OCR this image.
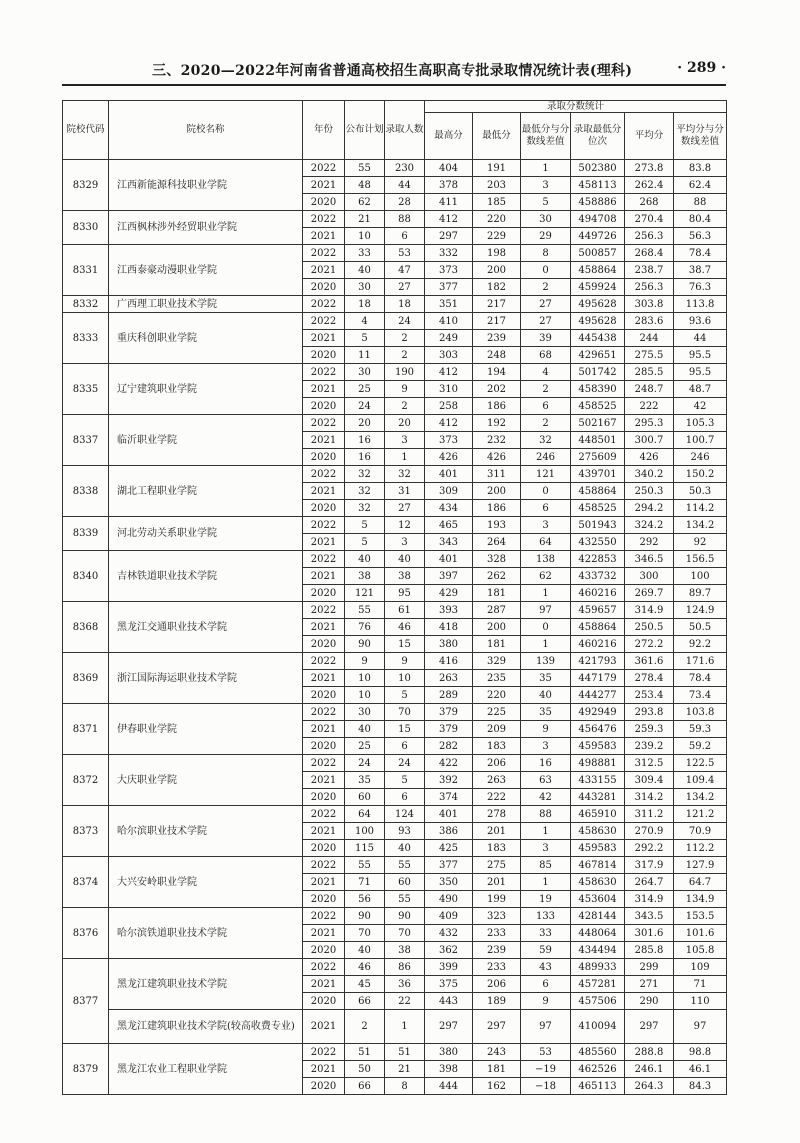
三、2020—2022年河南省普通高校招生高职高专批录取情况统计表(理科)	· 289 ·
院校代码	院校名称	年份	公布计划	录取人数	录取分数统计					
					最高分	最低分	最低分与分数线差值	录取最低分位次	平均分	平均分与分数线差值
8329	江西新能源科技职业学院	2022	55	230	404	191	1	502380	273.8	83.8
		2021	48	44	378	203	3	458113	262.4	62.4
		2020	62	28	411	185	5	458886	268	88
8330	江西枫林涉外经贸职业学院	2022	21	88	412	220	30	494708	270.4	80.4
		2021	10	6	297	229	29	449726	256.3	56.3
8331	江西泰豪动漫职业学院	2022	33	53	332	198	8	500857	268.4	78.4
		2021	40	47	373	200	0	458864	238.7	38.7
		2020	30	27	377	182	2	459924	256.3	76.3
8332	广西理工职业技术学院	2022	18	18	351	217	27	495628	303.8	113.8
8333	重庆科创职业学院	2022	4	24	410	217	27	495628	283.6	93.6
		2021	5	2	249	239	39	445438	244	44
		2020	11	2	303	248	68	429651	275.5	95.5
8335	辽宁建筑职业学院	2022	30	190	412	194	4	501742	285.5	95.5
		2021	25	9	310	202	2	458390	248.7	48.7
		2020	24	2	258	186	6	458525	222	42
8337	临沂职业学院	2022	20	20	412	192	2	502167	295.3	105.3
		2021	16	3	373	232	32	448501	300.7	100.7
		2020	16	1	426	426	246	275609	426	246
8338	湖北工程职业学院	2022	32	32	401	311	121	439701	340.2	150.2
		2021	32	31	309	200	0	458864	250.3	50.3
		2020	32	27	434	186	6	458525	294.2	114.2
8339	河北劳动关系职业学院	2022	5	12	465	193	3	501943	324.2	134.2
		2021	5	3	343	264	64	432550	292	92
8340	吉林铁道职业技术学院	2022	40	40	401	328	138	422853	346.5	156.5
		2021	38	38	397	262	62	433732	300	100
		2020	121	95	429	181	1	460216	269.7	89.7
8368	黑龙江交通职业技术学院	2022	55	61	393	287	97	459657	314.9	124.9
		2021	76	46	418	200	0	458864	250.5	50.5
		2020	90	15	380	181	1	460216	272.2	92.2
8369	浙江国际海运职业技术学院	2022	9	9	416	329	139	421793	361.6	171.6
		2021	10	10	263	235	35	447179	278.4	78.4
		2020	10	5	289	220	40	444277	253.4	73.4
8371	伊春职业学院	2022	30	70	379	225	35	492949	293.8	103.8
		2021	40	15	379	209	9	456476	259.3	59.3
		2020	25	6	282	183	3	459583	239.2	59.2
8372	大庆职业学院	2022	24	24	422	206	16	498881	312.5	122.5
		2021	35	5	392	263	63	433155	309.4	109.4
		2020	60	6	374	222	42	443281	314.2	134.2
8373	哈尔滨职业技术学院	2022	64	124	401	278	88	465910	311.2	121.2
		2021	100	93	386	201	1	458630	270.9	70.9
		2020	115	40	425	183	3	459583	292.2	112.2
8374	大兴安岭职业学院	2022	55	55	377	275	85	467814	317.9	127.9
		2021	71	60	350	201	1	458630	264.7	64.7
		2020	56	55	490	199	19	453604	314.9	134.9
8376	哈尔滨铁道职业技术学院	2022	90	90	409	323	133	428144	343.5	153.5
		2021	70	70	432	233	33	448064	301.6	101.6
		2020	40	38	362	239	59	434494	285.8	105.8
8377	黑龙江建筑职业技术学院	2022	46	86	399	233	43	489933	299	109
		2021	45	36	375	206	6	457281	271	71
		2020	66	22	443	189	9	457506	290	110
	黑龙江建筑职业技术学院(较高收费专业)	2021	2	1	297	297	97	410094	297	97
8379	黑龙江农业工程职业学院	2022	51	51	380	243	53	485560	288.8	98.8
		2021	50	21	398	181	−19	462526	246.1	46.1
		2020	66	8	444	162	−18	465113	264.3	84.3
